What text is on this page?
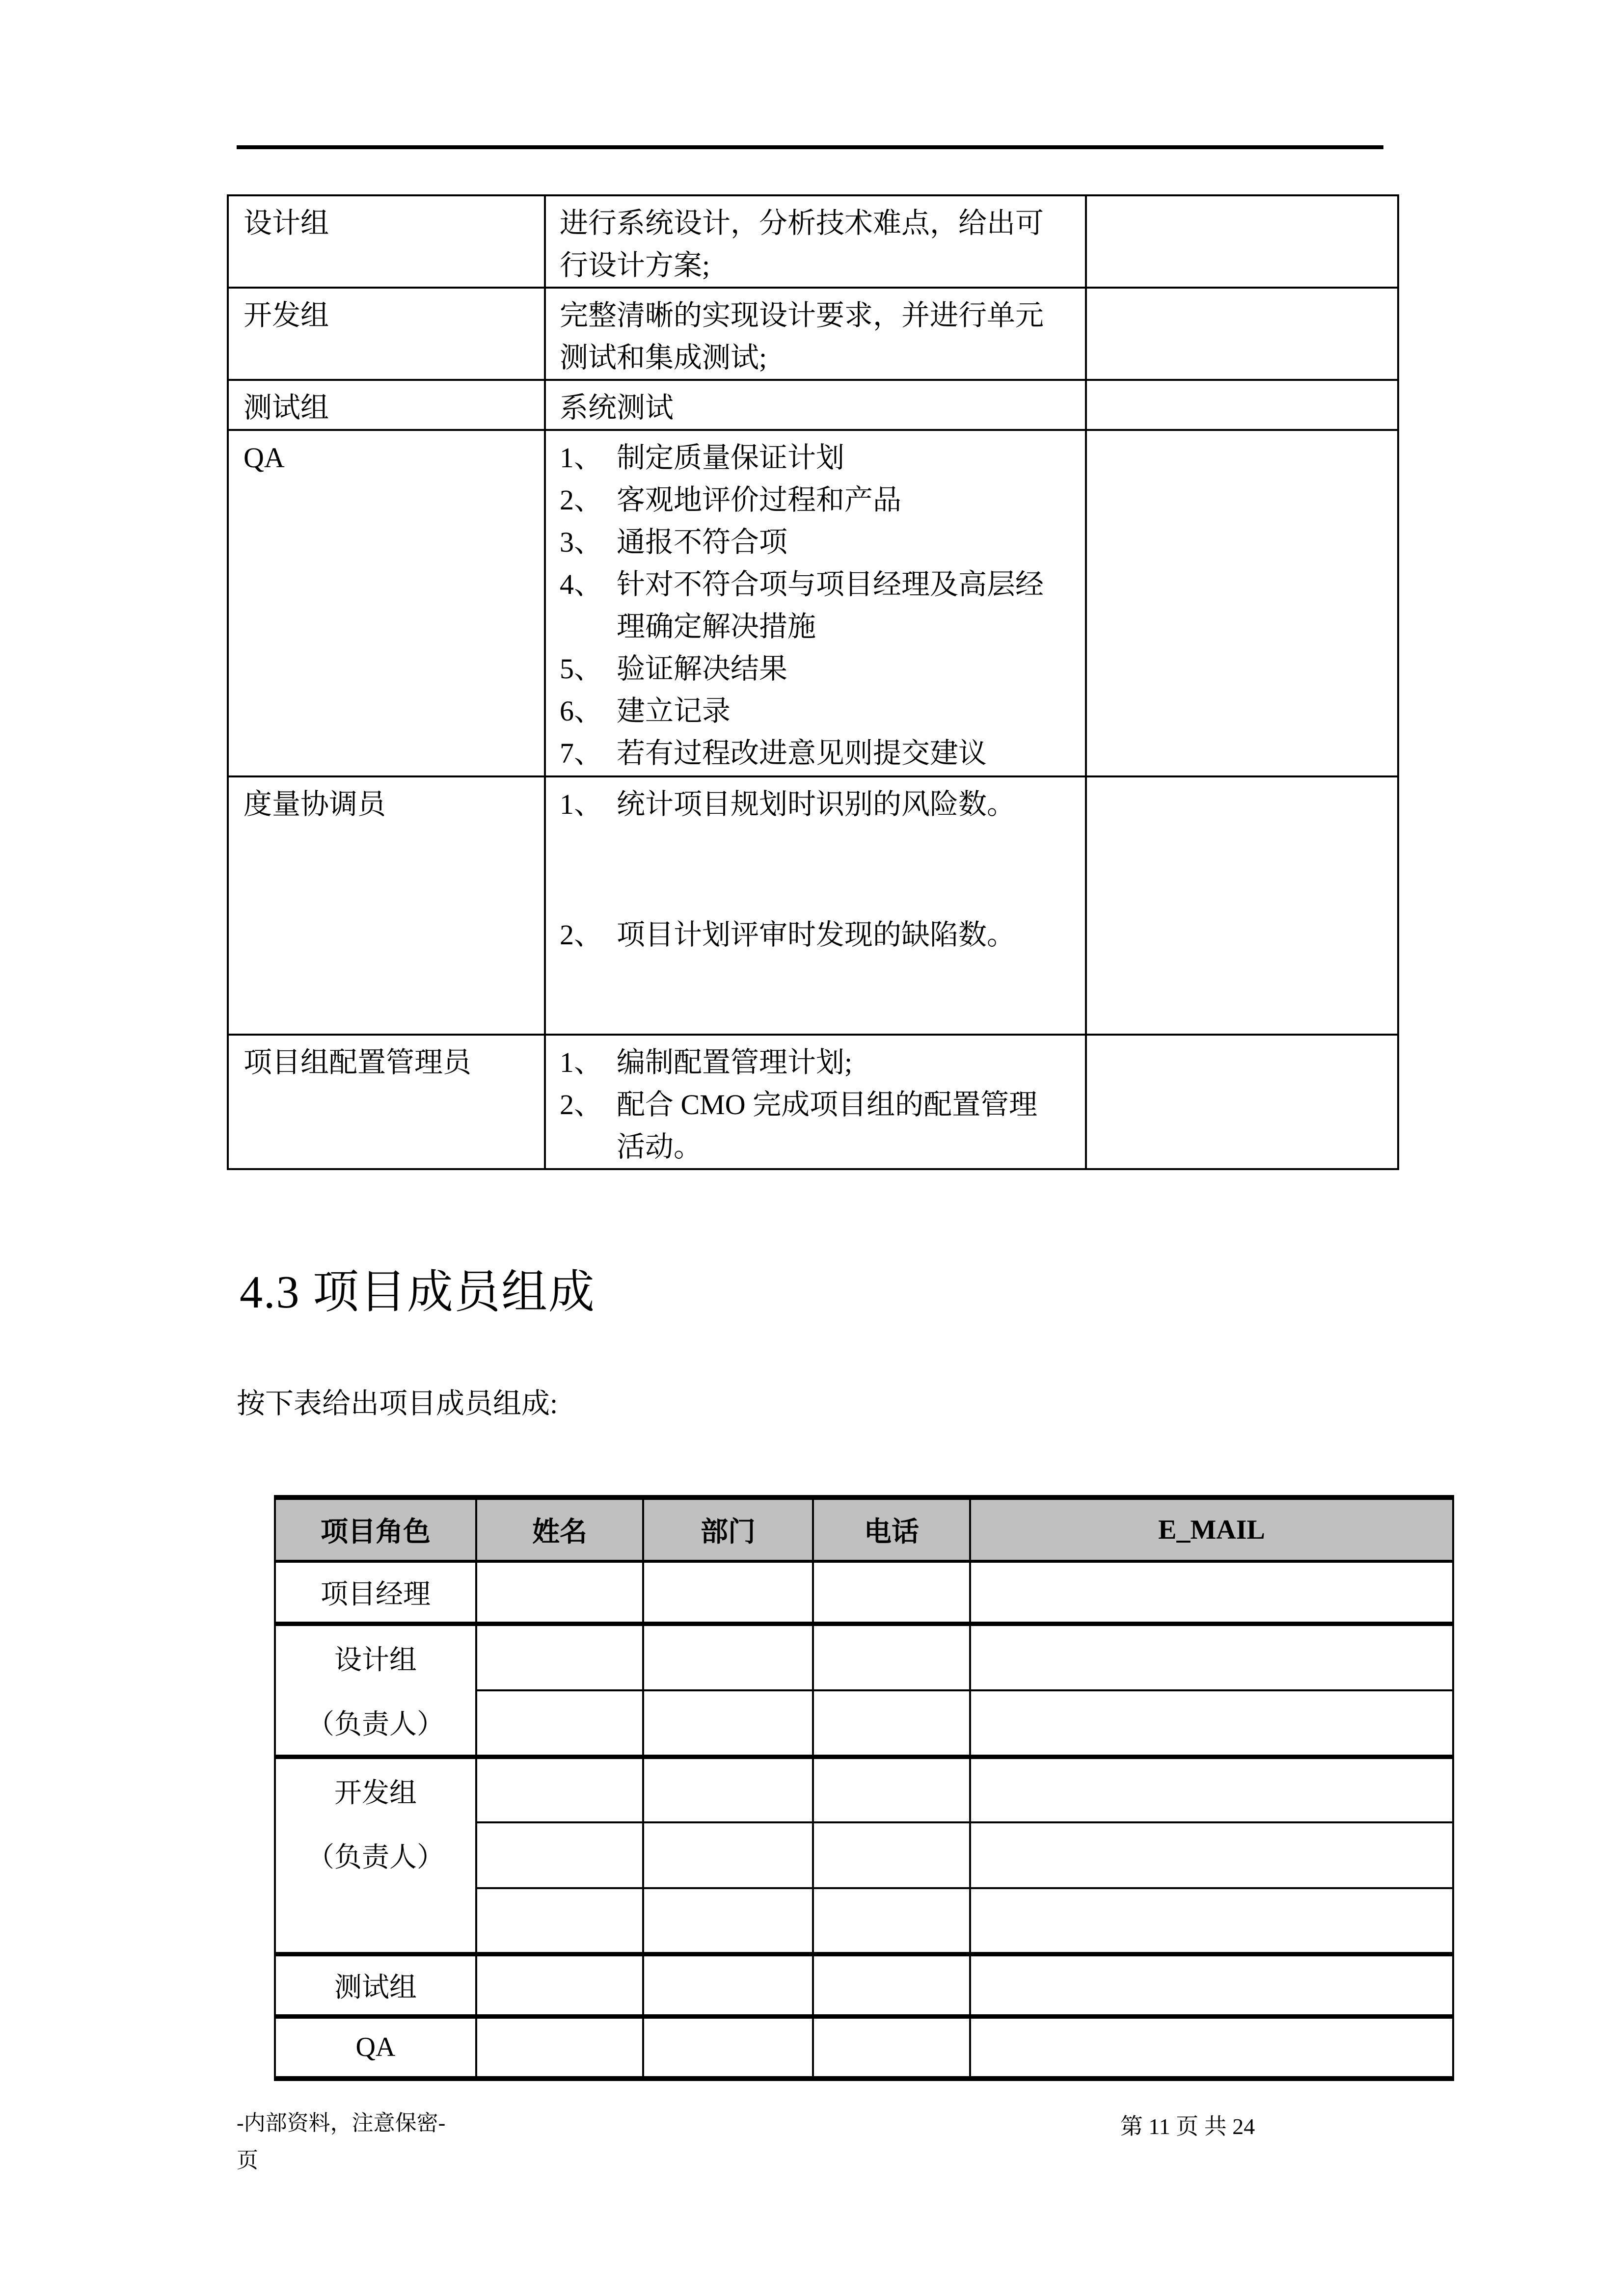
设计组	进行系统设计，分析技术难点，给出可行设计方案;	
开发组	完整清晰的实现设计要求，并进行单元测试和集成测试;	
测试组	系统测试	
QA	1、 制定质量保证计划
2、 客观地评价过程和产品
3、 通报不符合项
4、 针对不符合项与项目经理及高层经理确定解决措施
5、 验证解决结果
6、 建立记录
7、 若有过程改进意见则提交建议

度量协调员	1、 统计项目规划时识别的风险数。
2、 项目计划评审时发现的缺陷数。	

项目组配置管理员	1、 编制配置管理计划;
2、 配合 CMO 完成项目组的配置管理活动。	

4.3 项目成员组成

按下表给出项目成员组成:

项目角色	姓名	部门	电话	E_MAIL
项目经理				

设计组
（负责人）				

开发组
（负责人）				

测试组				
QA				
-内部资料，注意保密-
页
第 11 页 共 24
